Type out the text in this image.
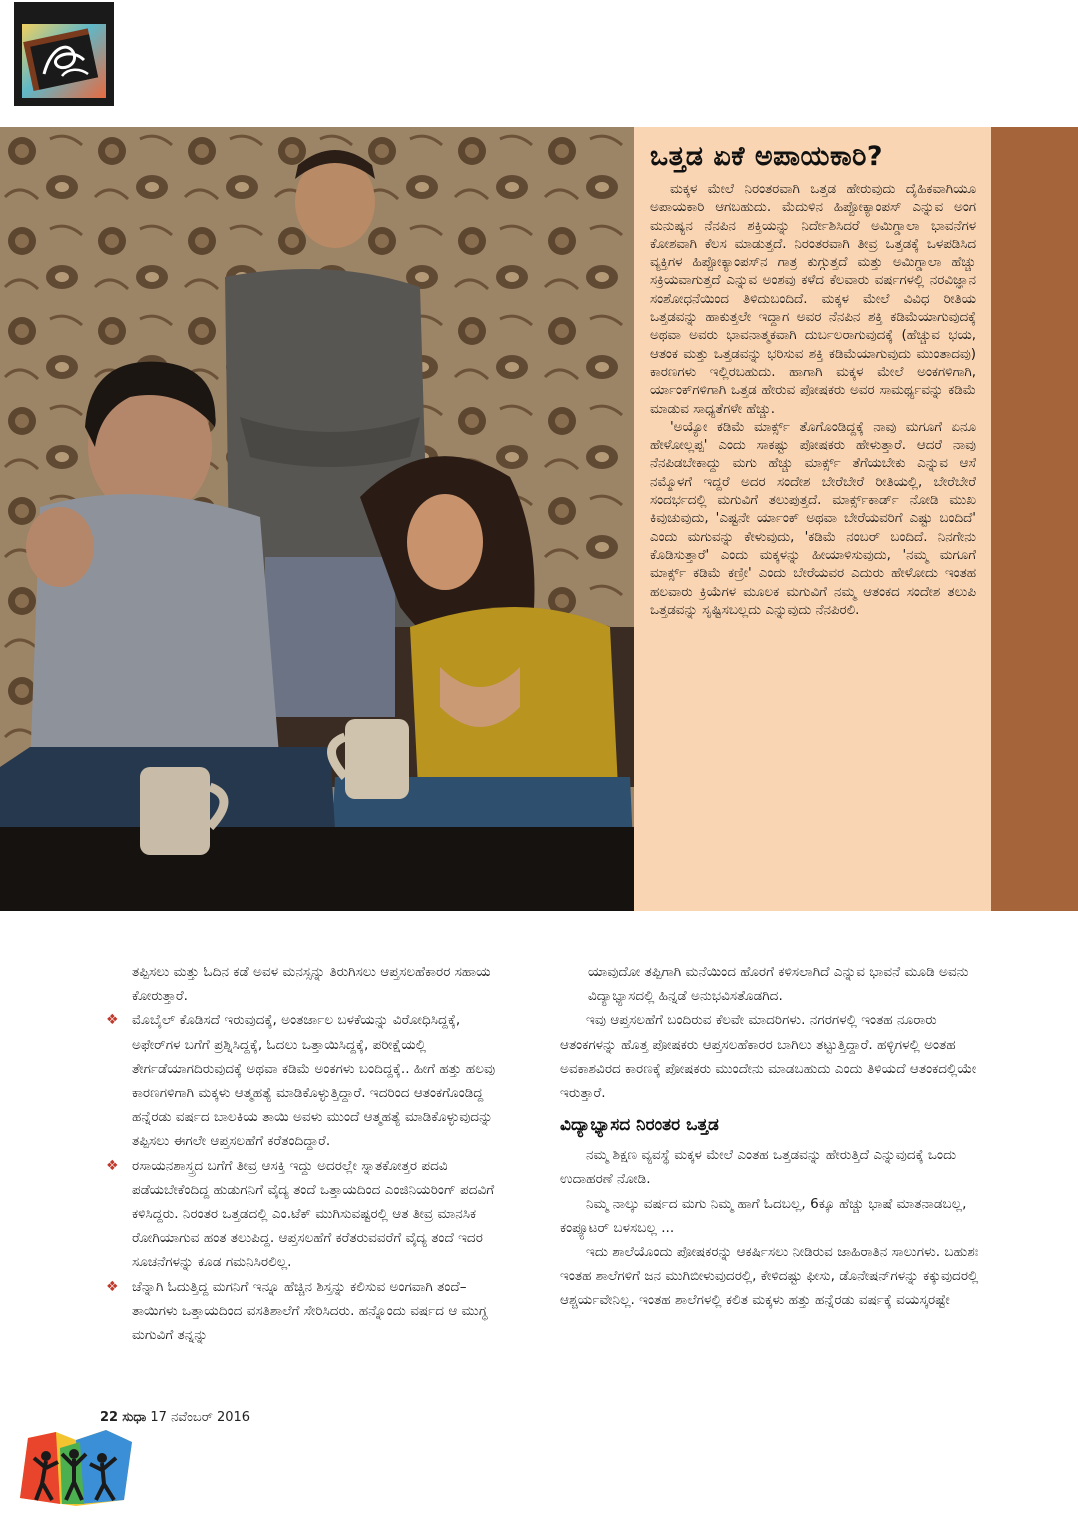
ಒತ್ತಡ ಏಕೆ ಅಪಾಯಕಾರಿ?

ಮಕ್ಕಳ ಮೇಲೆ ನಿರಂತರವಾಗಿ ಒತ್ತಡ ಹೇರುವುದು ದೈಹಿಕವಾಗಿಯೂ ಅಪಾಯಕಾರಿ ಆಗಬಹುದು. ಮೆದುಳಿನ ಹಿಪ್ಪೋಕ್ಯಾಂಪಸ್ ಎನ್ನುವ ಅಂಗ ಮನುಷ್ಯನ ನೆನಪಿನ ಶಕ್ತಿಯನ್ನು ನಿರ್ದೇಶಿಸಿದರೆ ಅಮಿಗ್ಡಾಲಾ ಭಾವನೆಗಳ ಕೋಶವಾಗಿ ಕೆಲಸ ಮಾಡುತ್ತದೆ. ನಿರಂತರವಾಗಿ ತೀವ್ರ ಒತ್ತಡಕ್ಕೆ ಒಳಪಡಿಸಿದ ವ್ಯಕ್ತಿಗಳ ಹಿಪ್ಪೋಕ್ಯಾಂಪಸ್‌ನ ಗಾತ್ರ ಕುಗ್ಗುತ್ತದೆ ಮತ್ತು ಅಮಿಗ್ಡಾಲಾ ಹೆಚ್ಚು ಸಕ್ರಿಯವಾಗುತ್ತದೆ ಎನ್ನುವ ಅಂಶವು ಕಳೆದ ಕೆಲವಾರು ವರ್ಷಗಳಲ್ಲಿ ನರವಿಜ್ಞಾನ ಸಂಶೋಧನೆಯಿಂದ ತಿಳಿದುಬಂದಿದೆ. ಮಕ್ಕಳ ಮೇಲೆ ವಿವಿಧ ರೀತಿಯ ಒತ್ತಡವನ್ನು ಹಾಕುತ್ತಲೇ ಇದ್ದಾಗ ಅವರ ನೆನಪಿನ ಶಕ್ತಿ ಕಡಿಮೆಯಾಗುವುದಕ್ಕೆ ಅಥವಾ ಅವರು ಭಾವನಾತ್ಮಕವಾಗಿ ದುರ್ಬಲರಾಗುವುದಕ್ಕೆ (ಹೆಚ್ಚುವ ಭಯ, ಆತಂಕ ಮತ್ತು ಒತ್ತಡವನ್ನು ಭರಿಸುವ ಶಕ್ತಿ ಕಡಿಮೆಯಾಗುವುದು ಮುಂತಾದವು) ಕಾರಣಗಳು ಇಲ್ಲಿರಬಹುದು. ಹಾಗಾಗಿ ಮಕ್ಕಳ ಮೇಲೆ ಅಂಕಗಳಿಗಾಗಿ, ರ್ಯಾಂಕ್‌ಗಳಿಗಾಗಿ ಒತ್ತಡ ಹೇರುವ ಪೋಷಕರು ಅವರ ಸಾಮರ್ಥ್ಯವನ್ನು ಕಡಿಮೆ ಮಾಡುವ ಸಾಧ್ಯತೆಗಳೇ ಹೆಚ್ಚು.

'ಅಯ್ಯೋ ಕಡಿಮೆ ಮಾರ್ಕ್ಸ್ ತೊಗೊಂಡಿದ್ದಕ್ಕೆ ನಾವು ಮಗೂಗೆ ಏನೂ ಹೇಳೋಲ್ಲಪ್ಪ' ಎಂದು ಸಾಕಷ್ಟು ಪೋಷಕರು ಹೇಳುತ್ತಾರೆ. ಆದರೆ ನಾವು ನೆನಪಿಡಬೇಕಾದ್ದು ಮಗು ಹೆಚ್ಚು ಮಾರ್ಕ್ಸ್ ತೆಗೆಯಬೇಕು ಎನ್ನುವ ಆಸೆ ನಮ್ಮೊಳಗೆ ಇದ್ದರೆ ಅದರ ಸಂದೇಶ ಬೇರೆಬೇರೆ ರೀತಿಯಲ್ಲಿ, ಬೇರೆಬೇರೆ ಸಂದರ್ಭದಲ್ಲಿ ಮಗುವಿಗೆ ತಲುಪುತ್ತದೆ. ಮಾರ್ಕ್ಸ್‌ಕಾರ್ಡ್ ನೋಡಿ ಮುಖ ಕಿವುಚುವುದು, 'ಎಷ್ಟನೇ ರ್ಯಾಂಕ್ ಅಥವಾ ಬೇರೆಯವರಿಗೆ ಎಷ್ಟು ಬಂದಿದೆ' ಎಂದು ಮಗುವನ್ನು ಕೇಳುವುದು, 'ಕಡಿಮೆ ನಂಬರ್ ಬಂದಿದೆ. ನಿನಗೇನು ಕೊಡಿಸುತ್ತಾರೆ' ಎಂದು ಮಕ್ಕಳನ್ನು ಹೀಯಾಳಿಸುವುದು, 'ನಮ್ಮ ಮಗೂಗೆ ಮಾರ್ಕ್ಸ್ ಕಡಿಮೆ ಕಣ್ರೀ' ಎಂದು ಬೇರೆಯವರ ಎದುರು ಹೇಳೋದು ಇಂತಹ ಹಲವಾರು ಕ್ರಿಯೆಗಳ ಮೂಲಕ ಮಗುವಿಗೆ ನಮ್ಮ ಆತಂಕದ ಸಂದೇಶ ತಲುಪಿ ಒತ್ತಡವನ್ನು ಸೃಷ್ಟಿಸಬಲ್ಲದು ಎನ್ನುವುದು ನೆನಪಿರಲಿ.

ತಪ್ಪಿಸಲು ಮತ್ತು ಓದಿನ ಕಡೆ ಅವಳ ಮನಸ್ಸನ್ನು ತಿರುಗಿಸಲು ಆಪ್ತಸಲಹೆಕಾರರ ಸಹಾಯ ಕೋರುತ್ತಾರೆ.

❖ ಮೊಬೈಲ್ ಕೊಡಿಸದೆ ಇರುವುದಕ್ಕೆ, ಅಂತರ್ಜಾಲ ಬಳಕೆಯನ್ನು ವಿರೋಧಿಸಿದ್ದಕ್ಕೆ, ಅಫೇರ್‌ಗಳ ಬಗೆಗೆ ಪ್ರಶ್ನಿಸಿದ್ದಕ್ಕೆ, ಓದಲು ಒತ್ತಾಯಿಸಿದ್ದಕ್ಕೆ, ಪರೀಕ್ಷೆಯಲ್ಲಿ ತೇರ್ಗಡೆಯಾಗದಿರುವುದಕ್ಕೆ ಅಥವಾ ಕಡಿಮೆ ಅಂಕಗಳು ಬಂದಿದ್ದಕ್ಕೆ.. ಹೀಗೆ ಹತ್ತು ಹಲವು ಕಾರಣಗಳಿಗಾಗಿ ಮಕ್ಕಳು ಆತ್ಮಹತ್ಯೆ ಮಾಡಿಕೊಳ್ಳುತ್ತಿದ್ದಾರೆ. ಇದರಿಂದ ಆತಂಕಗೊಂಡಿದ್ದ ಹನ್ನೆರಡು ವರ್ಷದ ಬಾಲಕಿಯ ತಾಯಿ ಅವಳು ಮುಂದೆ ಆತ್ಮಹತ್ಯೆ ಮಾಡಿಕೊಳ್ಳುವುದನ್ನು ತಪ್ಪಿಸಲು ಈಗಲೇ ಆಪ್ತಸಲಹೆಗೆ ಕರೆತಂದಿದ್ದಾರೆ.
❖ ರಸಾಯನಶಾಸ್ತ್ರದ ಬಗೆಗೆ ತೀವ್ರ ಆಸಕ್ತಿ ಇದ್ದು ಅದರಲ್ಲೇ ಸ್ನಾತಕೋತ್ತರ ಪದವಿ ಪಡೆಯಬೇಕೆಂದಿದ್ದ ಹುಡುಗನಿಗೆ ವೈದ್ಯ ತಂದೆ ಒತ್ತಾಯದಿಂದ ಎಂಜಿನಿಯರಿಂಗ್ ಪದವಿಗೆ ಕಳಿಸಿದ್ದರು. ನಿರಂತರ ಒತ್ತಡದಲ್ಲಿ ಎಂ.ಟೆಕ್ ಮುಗಿಸುವಷ್ಟರಲ್ಲಿ ಆತ ತೀವ್ರ ಮಾನಸಿಕ ರೋಗಿಯಾಗುವ ಹಂತ ತಲುಪಿದ್ದ. ಆಪ್ತಸಲಹೆಗೆ ಕರೆತರುವವರೆಗೆ ವೈದ್ಯ ತಂದೆ ಇದರ ಸೂಚನೆಗಳನ್ನು ಕೂಡ ಗಮನಿಸಿರಲಿಲ್ಲ.
❖ ಚೆನ್ನಾಗಿ ಓದುತ್ತಿದ್ದ ಮಗನಿಗೆ ಇನ್ನೂ ಹೆಚ್ಚಿನ ಶಿಸ್ತನ್ನು ಕಲಿಸುವ ಅಂಗವಾಗಿ ತಂದೆ–ತಾಯಿಗಳು ಒತ್ತಾಯದಿಂದ ವಸತಿಶಾಲೆಗೆ ಸೇರಿಸಿದರು. ಹನ್ನೊಂದು ವರ್ಷದ ಆ ಮುಗ್ಧ ಮಗುವಿಗೆ ತನ್ನನ್ನು

ಯಾವುದೋ ತಪ್ಪಿಗಾಗಿ ಮನೆಯಿಂದ ಹೊರಗೆ ಕಳಿಸಲಾಗಿದೆ ಎನ್ನುವ ಭಾವನೆ ಮೂಡಿ ಅವನು ವಿದ್ಯಾಭ್ಯಾಸದಲ್ಲಿ ಹಿನ್ನಡೆ ಅನುಭವಿಸತೊಡಗಿದ.

ಇವು ಆಪ್ತಸಲಹೆಗೆ ಬಂದಿರುವ ಕೆಲವೇ ಮಾದರಿಗಳು. ನಗರಗಳಲ್ಲಿ ಇಂತಹ ನೂರಾರು ಆತಂಕಗಳನ್ನು ಹೊತ್ತ ಪೋಷಕರು ಆಪ್ತಸಲಹೆಕಾರರ ಬಾಗಿಲು ತಟ್ಟುತ್ತಿದ್ದಾರೆ. ಹಳ್ಳಿಗಳಲ್ಲಿ ಅಂತಹ ಅವಕಾಶವಿರದ ಕಾರಣಕ್ಕೆ ಪೋಷಕರು ಮುಂದೇನು ಮಾಡಬಹುದು ಎಂದು ತಿಳಿಯದೆ ಆತಂಕದಲ್ಲಿಯೇ ಇರುತ್ತಾರೆ.

ವಿದ್ಯಾಭ್ಯಾಸದ ನಿರಂತರ ಒತ್ತಡ

ನಮ್ಮ ಶಿಕ್ಷಣ ವ್ಯವಸ್ಥೆ ಮಕ್ಕಳ ಮೇಲೆ ಎಂತಹ ಒತ್ತಡವನ್ನು ಹೇರುತ್ತಿದೆ ಎನ್ನುವುದಕ್ಕೆ ಒಂದು ಉದಾಹರಣೆ ನೋಡಿ.

ನಿಮ್ಮ ನಾಲ್ಕು ವರ್ಷದ ಮಗು ನಿಮ್ಮ ಹಾಗೆ ಓದಬಲ್ಲ, 6ಕ್ಕೂ ಹೆಚ್ಚು ಭಾಷೆ ಮಾತನಾಡಬಲ್ಲ, ಕಂಪ್ಯೂಟರ್ ಬಳಸಬಲ್ಲ ...

ಇದು ಶಾಲೆಯೊಂದು ಪೋಷಕರನ್ನು ಆಕರ್ಷಿಸಲು ನೀಡಿರುವ ಜಾಹಿರಾತಿನ ಸಾಲುಗಳು. ಬಹುಶಃ ಇಂತಹ ಶಾಲೆಗಳಿಗೆ ಜನ ಮುಗಿಬೀಳುವುದರಲ್ಲಿ, ಕೇಳಿದಷ್ಟು ಫೀಸು, ಡೊನೇಷನ್‌ಗಳನ್ನು ಕಕ್ಕುವುದರಲ್ಲಿ ಆಶ್ಚರ್ಯವೇನಿಲ್ಲ. ಇಂತಹ ಶಾಲೆಗಳಲ್ಲಿ ಕಲಿತ ಮಕ್ಕಳು ಹತ್ತು ಹನ್ನೆರಡು ವರ್ಷಕ್ಕೆ ವಯಸ್ಕರಷ್ಟೇ

22 ಸುಧಾ 17 ನವೆಂಬರ್ 2016
